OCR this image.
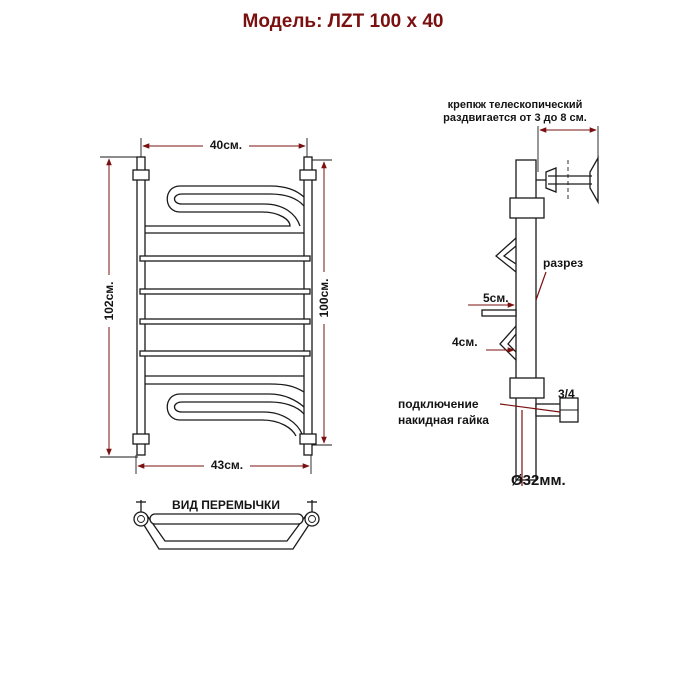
Модель: ЛZТ 100 х 40
40см.
102см.	100см.
43см.
ВИД ПЕРЕМЫЧКИ
крепкж телескопический
раздвигается от 3 до 8 см.
разрез
5см.
4см.
подключение
накидная гайка
3/4
Ø32мм.
